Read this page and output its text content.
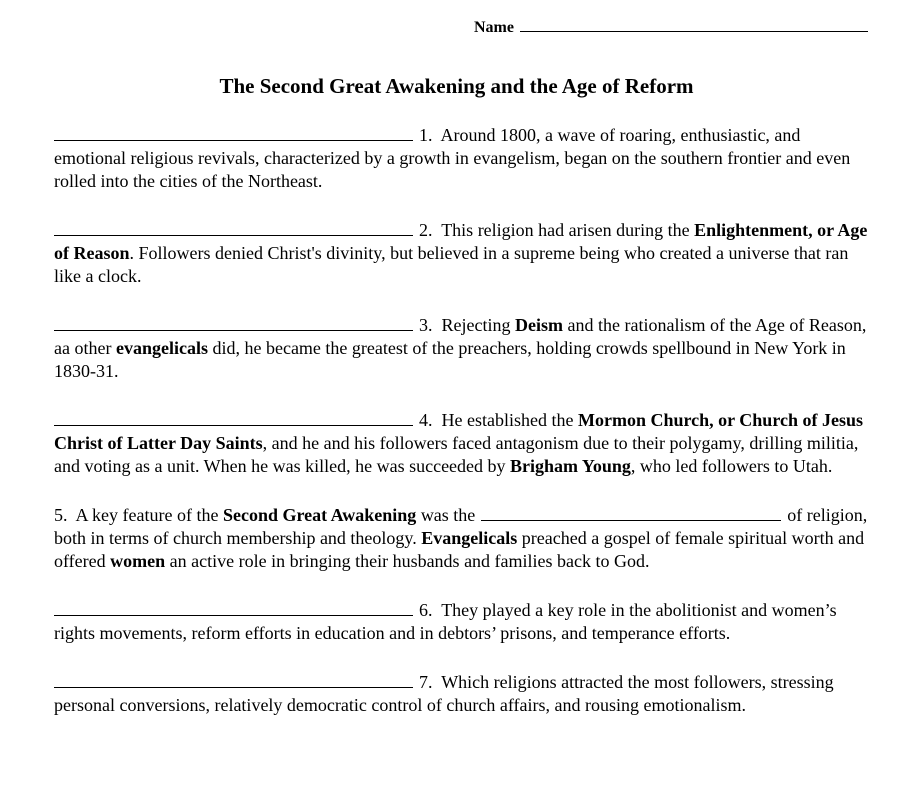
Name
The Second Great Awakening and the Age of Reform

1. Around 1800, a wave of roaring, enthusiastic, and emotional religious revivals, characterized by a growth in evangelism, began on the southern frontier and even rolled into the cities of the Northeast.

2. This religion had arisen during the Enlightenment, or Age of Reason. Followers denied Christ's divinity, but believed in a supreme being who created a universe that ran like a clock.

3. Rejecting Deism and the rationalism of the Age of Reason, aa other evangelicals did, he became the greatest of the preachers, holding crowds spellbound in New York in 1830-31.

4. He established the Mormon Church, or Church of Jesus Christ of Latter Day Saints, and he and his followers faced antagonism due to their polygamy, drilling militia, and voting as a unit. When he was killed, he was succeeded by Brigham Young, who led followers to Utah.

5. A key feature of the Second Great Awakening was the	of religion, both in terms of church membership and theology. Evangelicals preached a gospel of female spiritual worth and offered women an active role in bringing their husbands and families back to God.

6. They played a key role in the abolitionist and women’s rights movements, reform efforts in education and in debtors’ prisons, and temperance efforts.

7. Which religions attracted the most followers, stressing personal conversions, relatively democratic control of church affairs, and rousing emotionalism.
